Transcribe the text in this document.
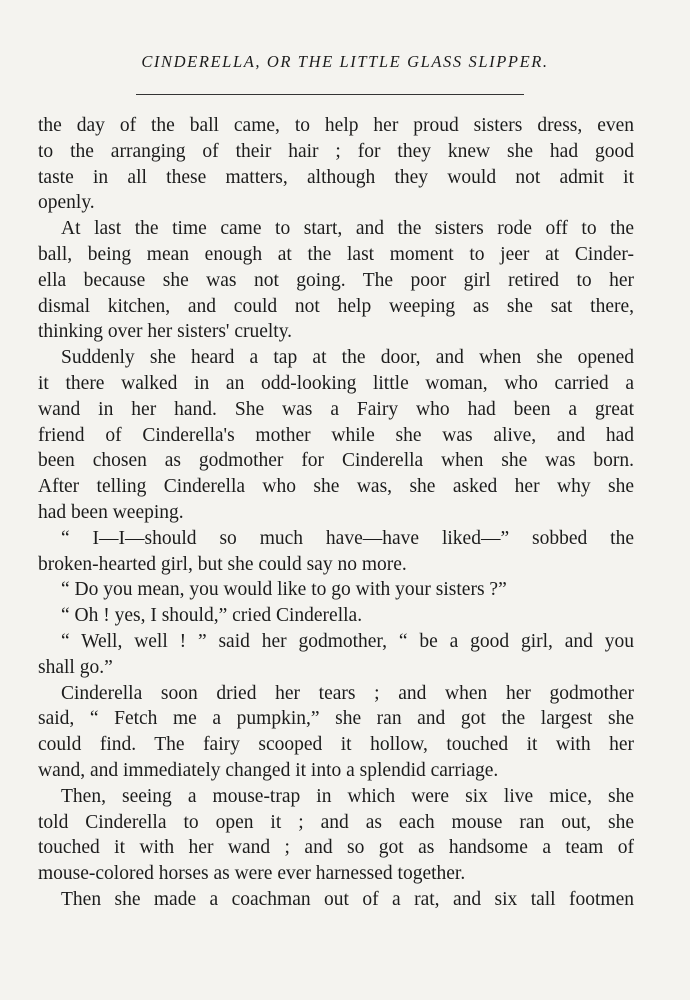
CINDERELLA, OR THE LITTLE GLASS SLIPPER.
the day of the ball came, to help her proud sisters dress, even
to the arranging of their hair ; for they knew she had good
taste in all these matters, although they would not admit it
openly.
At last the time came to start, and the sisters rode off to the
ball, being mean enough at the last moment to jeer at Cinder-
ella because she was not going. The poor girl retired to her
dismal kitchen, and could not help weeping as she sat there,
thinking over her sisters' cruelty.
Suddenly she heard a tap at the door, and when she opened
it there walked in an odd-looking little woman, who carried a
wand in her hand. She was a Fairy who had been a great
friend of Cinderella's mother while she was alive, and had
been chosen as godmother for Cinderella when she was born.
After telling Cinderella who she was, she asked her why she
had been weeping.
“ I—I—should so much have—have liked—” sobbed the
broken-hearted girl, but she could say no more.
“ Do you mean, you would like to go with your sisters ?”
“ Oh ! yes, I should,” cried Cinderella.
“ Well, well ! ” said her godmother, “ be a good girl, and you
shall go.”
Cinderella soon dried her tears ; and when her godmother
said, “ Fetch me a pumpkin,” she ran and got the largest she
could find. The fairy scooped it hollow, touched it with her
wand, and immediately changed it into a splendid carriage.
Then, seeing a mouse-trap in which were six live mice, she
told Cinderella to open it ; and as each mouse ran out, she
touched it with her wand ; and so got as handsome a team of
mouse-colored horses as were ever harnessed together.
Then she made a coachman out of a rat, and six tall footmen
